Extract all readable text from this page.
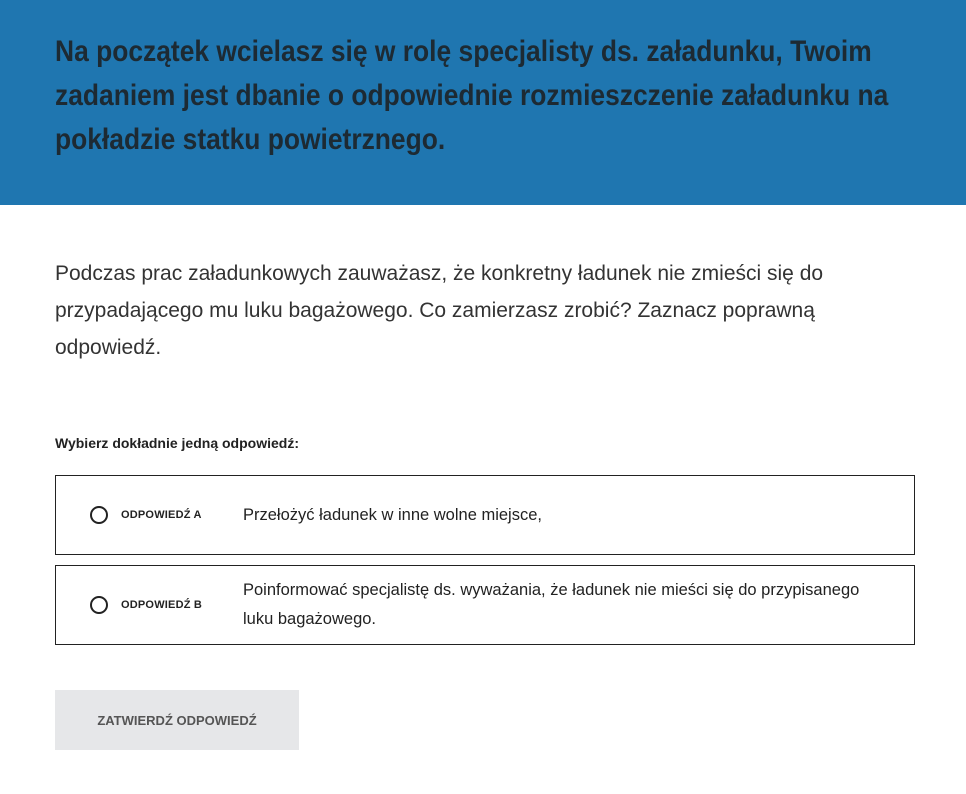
Na początek wcielasz się w rolę specjalisty ds. załadunku, Twoim zadaniem jest dbanie o odpowiednie rozmieszczenie załadunku na pokładzie statku powietrznego.

Podczas prac załadunkowych zauważasz, że konkretny ładunek nie zmieści się do przypadającego mu luku bagażowego. Co zamierzasz zrobić? Zaznacz poprawną odpowiedź.

Wybierz dokładnie jedną odpowiedź:
ODPOWIEDŹ A	Przełożyć ładunek w inne wolne miejsce,
ODPOWIEDŹ B
Poinformować specjalistę ds. wyważania, że ładunek nie mieści się do przypisanego luku bagażowego.
ZATWIERDŹ ODPOWIEDŹ
